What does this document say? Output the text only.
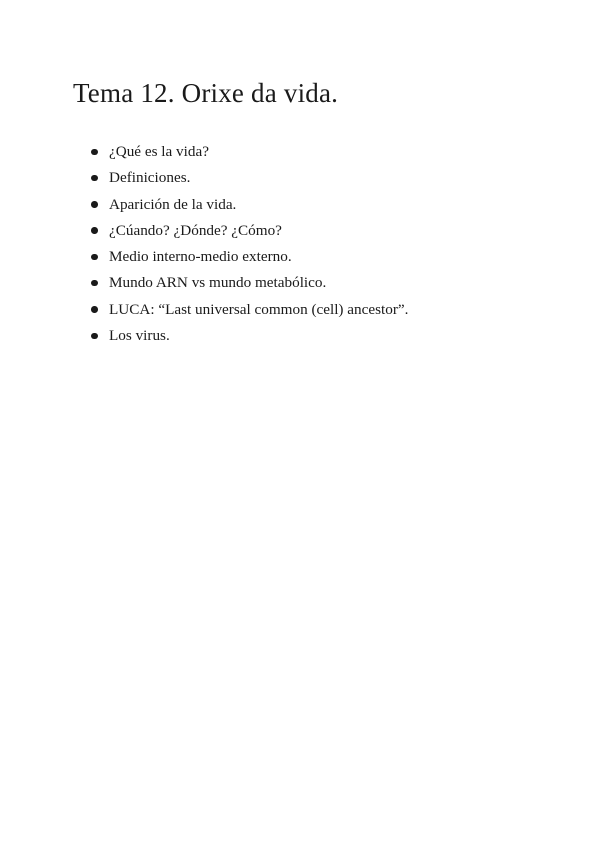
Tema 12. Orixe da vida.
¿Qué es la vida?
Definiciones.
Aparición de la vida.
¿Cúando? ¿Dónde? ¿Cómo?
Medio interno-medio externo.
Mundo ARN vs mundo metabólico.
LUCA: “Last universal common (cell) ancestor”.
Los virus.
